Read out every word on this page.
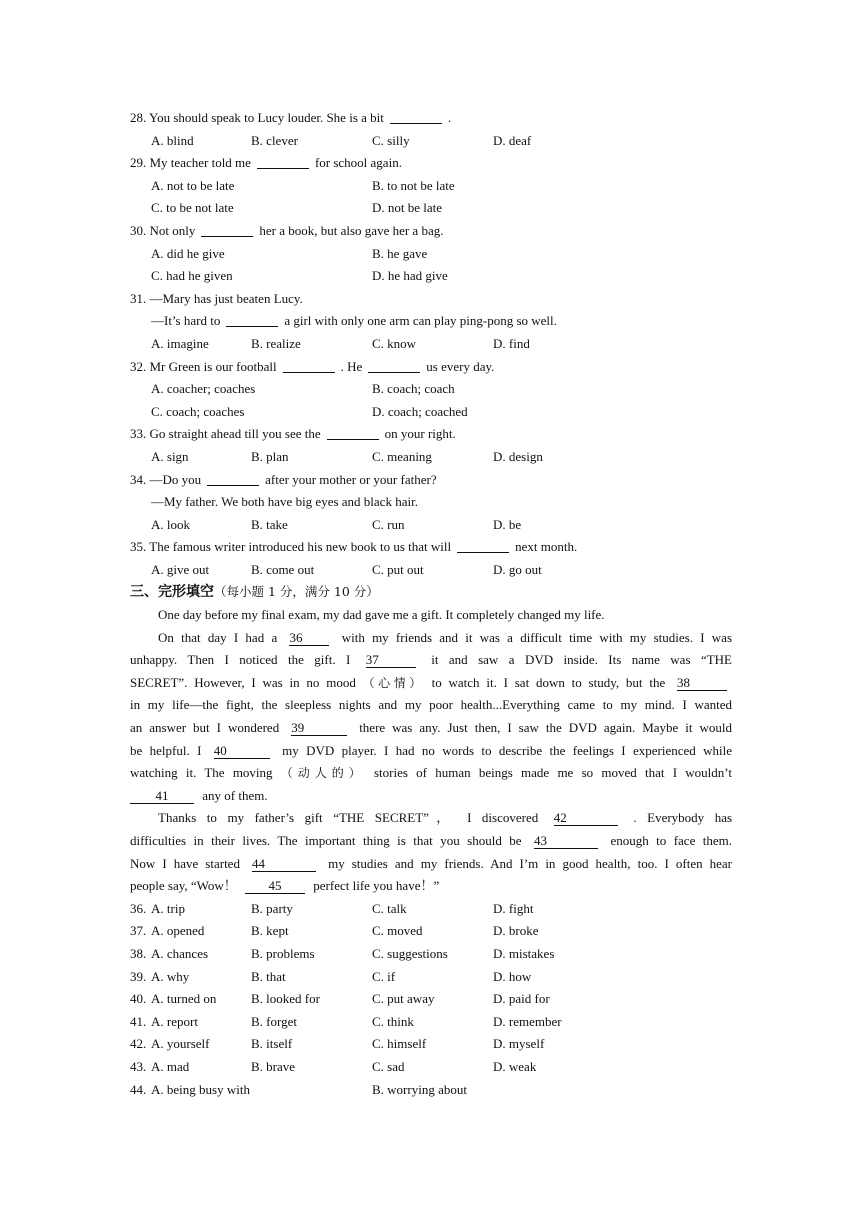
28. You should speak to Lucy louder. She is a bit	.
A. blind	B. clever	C. silly	D. deaf
29. My teacher told me	for school again.
A. not to be late	B. to not be late
C. to be not late	D. not be late
30. Not only	her a book, but also gave her a bag.
A. did he give	B. he gave
C. had he given	D. he had give
31. —Mary has just beaten Lucy.
—It’s hard to	a girl with only one arm can play ping-pong so well.
A. imagine	B. realize	C. know	D. find
32. Mr Green is our football	. He	us every day.
A. coacher; coaches	B. coach; coach
C. coach; coaches	D. coach; coached
33. Go straight ahead till you see the	on your right.
A. sign	B. plan	C. meaning	D. design
34. —Do you	after your mother or your father?
—My father. We both have big eyes and black hair.
A. look	B. take	C. run	D. be
35. The famous writer introduced his new book to us that will	next month.
A. give out	B. come out	C. put out	D. go out
三、完形填空（每小题 1 分，满分 10 分）
One day before my final exam, my dad gave me a gift. It completely changed my life.
On that day I had a 36	with my friends and it was a difficult time with my studies. I was
unhappy. Then I noticed the gift. I 37	it and saw a DVD inside. Its name was “THE
SECRET”. However, I was in no mood （心情） to watch it. I sat down to study, but the 38
in my life—the fight, the sleepless nights and my poor health...Everything came to my mind. I wanted
an answer but I wondered 39	there was any. Just then, I saw the DVD again. Maybe it would
be helpful. I 40	my DVD player. I had no words to describe the feelings I experienced while
watching it. The moving （动人的） stories of human beings made me so moved that I wouldn’t
41	any of them.
Thanks to my father’s gift “THE SECRET”， I discovered 42	. Everybody has
difficulties in their lives. The important thing is that you should be 43	enough to face them.
Now I have started 44	my studies and my friends. And I’m in good health, too. I often hear
people say, “Wow！ 45 perfect life you have！”
36. A. trip	B. party	C. talk	D. fight
37. A. opened	B. kept	C. moved	D. broke
38. A. chances	B. problems	C. suggestions	D. mistakes
39. A. why	B. that	C. if	D. how
40. A. turned on	B. looked for	C. put away	D. paid for
41. A. report	B. forget	C. think	D. remember
42. A. yourself	B. itself	C. himself	D. myself
43. A. mad	B. brave	C. sad	D. weak
44. A. being busy with	B. worrying about
